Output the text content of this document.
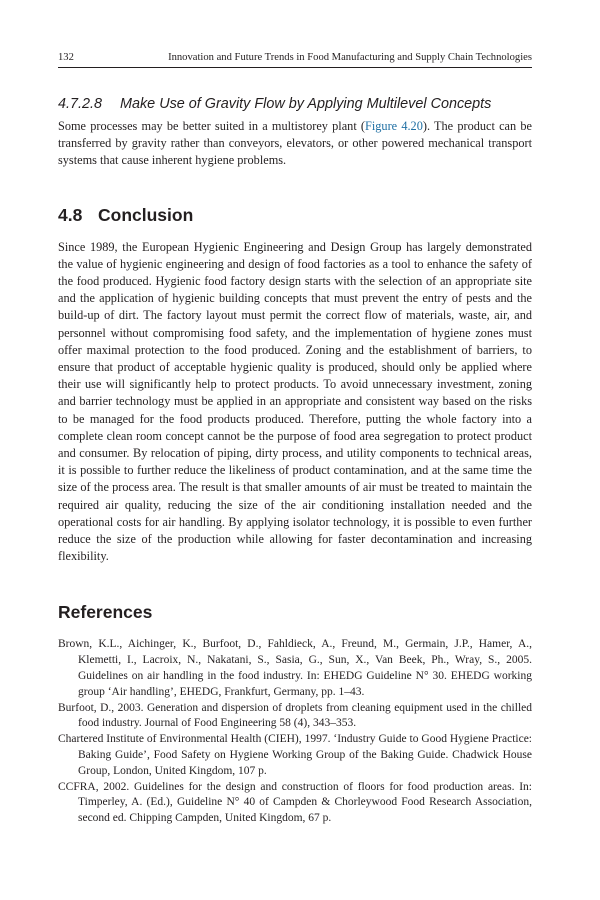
132	Innovation and Future Trends in Food Manufacturing and Supply Chain Technologies
4.7.2.8	Make Use of Gravity Flow by Applying Multilevel Concepts

Some processes may be better suited in a multistorey plant (Figure 4.20). The product can be transferred by gravity rather than conveyors, elevators, or other powered mechanical transport systems that cause inherent hygiene problems.

4.8 Conclusion

Since 1989, the European Hygienic Engineering and Design Group has largely demonstrated the value of hygienic engineering and design of food factories as a tool to enhance the safety of the food produced. Hygienic food factory design starts with the selection of an appropriate site and the application of hygienic building concepts that must prevent the entry of pests and the build-up of dirt. The factory layout must permit the correct flow of materials, waste, air, and personnel without compromising food safety, and the implementation of hygiene zones must offer maximal protection to the food produced. Zoning and the establishment of barriers, to ensure that product of acceptable hygienic quality is produced, should only be applied where their use will significantly help to protect products. To avoid unnecessary investment, zoning and barrier technology must be applied in an appropriate and consistent way based on the risks to be managed for the food products produced. Therefore, putting the whole factory into a complete clean room concept cannot be the purpose of food area segregation to protect product and consumer. By relocation of piping, dirty process, and utility components to technical areas, it is possible to further reduce the likeliness of product contamination, and at the same time the size of the process area. The result is that smaller amounts of air must be treated to maintain the required air quality, reducing the size of the air conditioning installation needed and the operational costs for air handling. By applying isolator technology, it is possible to even further reduce the size of the production while allowing for faster decontamination and increasing flexibility.

References

Brown, K.L., Aichinger, K., Burfoot, D., Fahldieck, A., Freund, M., Germain, J.P., Hamer, A., Klemetti, I., Lacroix, N., Nakatani, S., Sasia, G., Sun, X., Van Beek, Ph., Wray, S., 2005. Guidelines on air handling in the food industry. In: EHEDG Guideline N° 30. EHEDG working group ‘Air handling’, EHEDG, Frankfurt, Germany, pp. 1–43.

Burfoot, D., 2003. Generation and dispersion of droplets from cleaning equipment used in the chilled food industry. Journal of Food Engineering 58 (4), 343–353.

Chartered Institute of Environmental Health (CIEH), 1997. ‘Industry Guide to Good Hygiene Practice: Baking Guide’, Food Safety on Hygiene Working Group of the Baking Guide. Chadwick House Group, London, United Kingdom, 107 p.

CCFRA, 2002. Guidelines for the design and construction of floors for food production areas. In: Timperley, A. (Ed.), Guideline N° 40 of Campden & Chorleywood Food Research Association, second ed. Chipping Campden, United Kingdom, 67 p.
